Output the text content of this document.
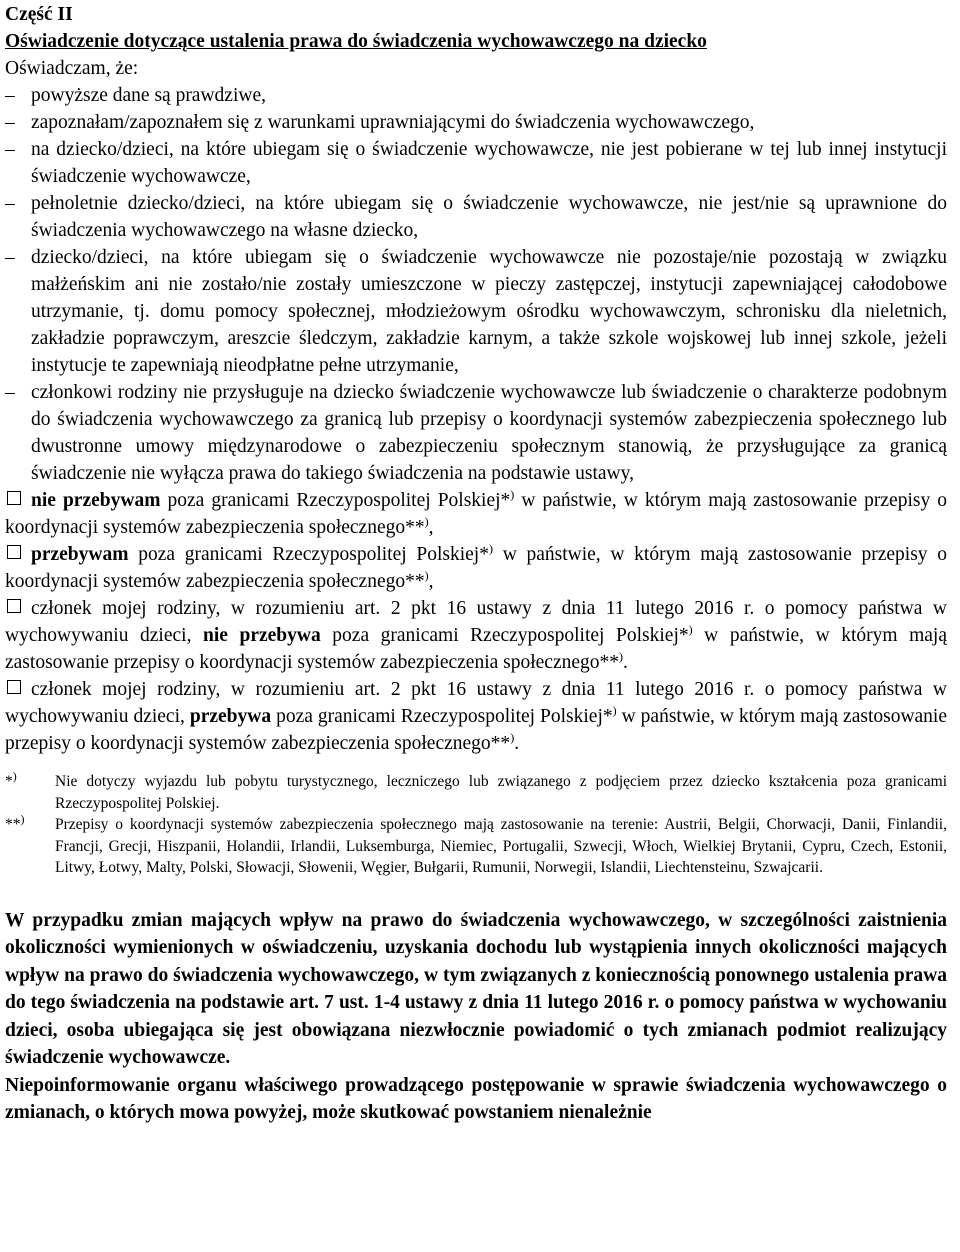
Część II

Oświadczenie dotyczące ustalenia prawa do świadczenia wychowawczego na dziecko

Oświadczam, że:

– powyższe dane są prawdziwe,

– zapoznałam/zapoznałem się z warunkami uprawniającymi do świadczenia wychowawczego,

– na dziecko/dzieci, na które ubiegam się o świadczenie wychowawcze, nie jest pobierane w tej lub innej instytucji świadczenie wychowawcze,

– pełnoletnie dziecko/dzieci, na które ubiegam się o świadczenie wychowawcze, nie jest/nie są uprawnione do świadczenia wychowawczego na własne dziecko,

– dziecko/dzieci, na które ubiegam się o świadczenie wychowawcze nie pozostaje/nie pozostają w związku małżeńskim ani nie zostało/nie zostały umieszczone w pieczy zastępczej, instytucji zapewniającej całodobowe utrzymanie, tj. domu pomocy społecznej, młodzieżowym ośrodku wychowawczym, schronisku dla nieletnich, zakładzie poprawczym, areszcie śledczym, zakładzie karnym, a także szkole wojskowej lub innej szkole, jeżeli instytucje te zapewniają nieodpłatne pełne utrzymanie,

– członkowi rodziny nie przysługuje na dziecko świadczenie wychowawcze lub świadczenie o charakterze podobnym do świadczenia wychowawczego za granicą lub przepisy o koordynacji systemów zabezpieczenia społecznego lub dwustronne umowy międzynarodowe o zabezpieczeniu społecznym stanowią, że przysługujące za granicą świadczenie nie wyłącza prawa do takiego świadczenia na podstawie ustawy,

nie przebywam poza granicami Rzeczypospolitej Polskiej*) w państwie, w którym mają zastosowanie przepisy o koordynacji systemów zabezpieczenia społecznego**),

przebywam poza granicami Rzeczypospolitej Polskiej*) w państwie, w którym mają zastosowanie przepisy o koordynacji systemów zabezpieczenia społecznego**),

członek mojej rodziny, w rozumieniu art. 2 pkt 16 ustawy z dnia 11 lutego 2016 r. o pomocy państwa w wychowywaniu dzieci, nie przebywa poza granicami Rzeczypospolitej Polskiej*) w państwie, w którym mają zastosowanie przepisy o koordynacji systemów zabezpieczenia społecznego**).

członek mojej rodziny, w rozumieniu art. 2 pkt 16 ustawy z dnia 11 lutego 2016 r. o pomocy państwa w wychowywaniu dzieci, przebywa poza granicami Rzeczypospolitej Polskiej*) w państwie, w którym mają zastosowanie przepisy o koordynacji systemów zabezpieczenia społecznego**).

*)	Nie dotyczy wyjazdu lub pobytu turystycznego, leczniczego lub związanego z podjęciem przez dziecko kształcenia poza granicami Rzeczypospolitej Polskiej.

**)	Przepisy o koordynacji systemów zabezpieczenia społecznego mają zastosowanie na terenie: Austrii, Belgii, Chorwacji, Danii, Finlandii, Francji, Grecji, Hiszpanii, Holandii, Irlandii, Luksemburga, Niemiec, Portugalii, Szwecji, Włoch, Wielkiej Brytanii, Cypru, Czech, Estonii, Litwy, Łotwy, Malty, Polski, Słowacji, Słowenii, Węgier, Bułgarii, Rumunii, Norwegii, Islandii, Liechtensteinu, Szwajcarii.

W przypadku zmian mających wpływ na prawo do świadczenia wychowawczego, w szczególności zaistnienia okoliczności wymienionych w oświadczeniu, uzyskania dochodu lub wystąpienia innych okoliczności mających wpływ na prawo do świadczenia wychowawczego, w tym związanych z koniecznością ponownego ustalenia prawa do tego świadczenia na podstawie art. 7 ust. 1-4 ustawy z dnia 11 lutego 2016 r. o pomocy państwa w wychowaniu dzieci, osoba ubiegająca się jest obowiązana niezwłocznie powiadomić o tych zmianach podmiot realizujący świadczenie wychowawcze.

Niepoinformowanie organu właściwego prowadzącego postępowanie w sprawie świadczenia wychowawczego o zmianach, o których mowa powyżej, może skutkować powstaniem nienależnie
